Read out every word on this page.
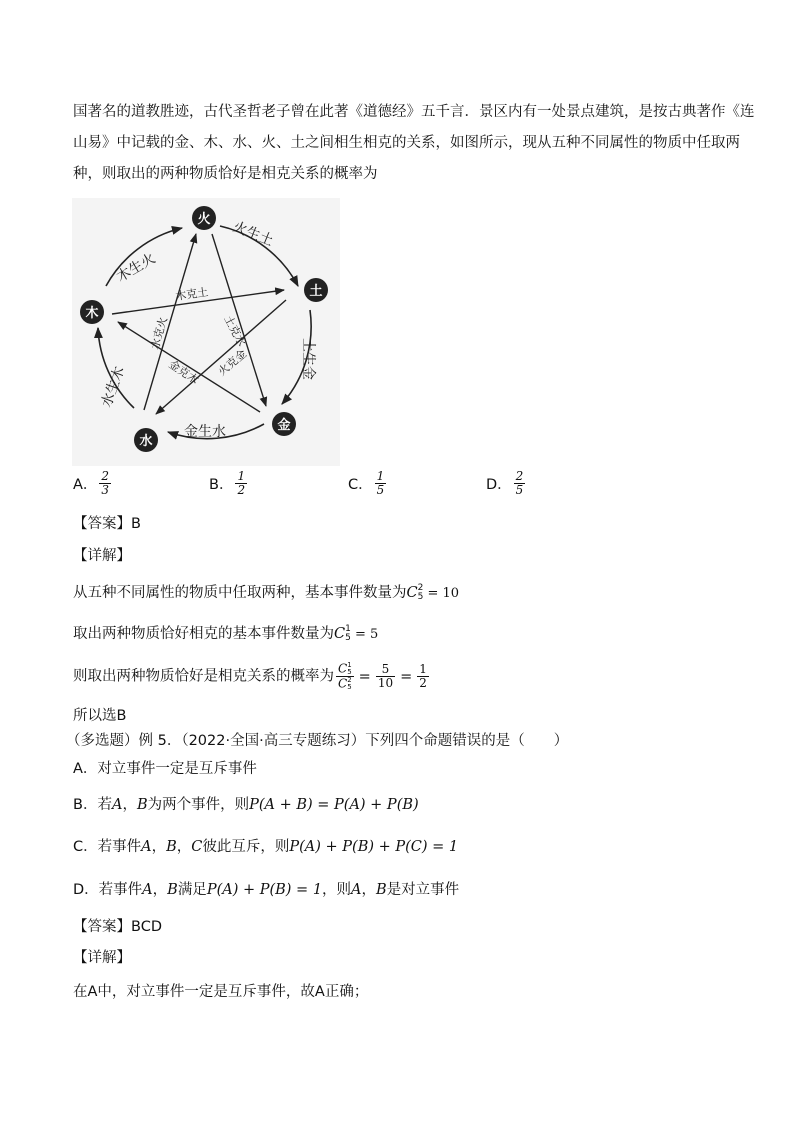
国著名的道教胜迹，古代圣哲老子曾在此著《道德经》五千言．景区内有一处景点建筑，是按古典著作《连
山易》中记载的金、木、水、火、土之间相生相克的关系，如图所示，现从五种不同属性的物质中任取两
种，则取出的两种物质恰好是相克关系的概率为
火生土
土生金
金生水
水生木
木生火
木克土
土克水
水克火
火克金
金克木
火
土
金
水
木
A． $\frac{2}{3}$	B． $\frac{1}{2}$	C． $\frac{1}{5}$	D． $\frac{2}{5}$
【答案】B
【详解】
从五种不同属性的物质中任取两种，基本事件数量为C 2
5 = 10
取出两种物质恰好相克的基本事件数量为C 1
5 = 5
则取出两种物质恰好是相克关系的概率为 C 1
5
C 2
$5 = \frac{5}{10} = \frac{1}{2}$
所以选B
（多选题）例 5．（2022·全国·高三专题练习）下列四个命题错误的是（　　）
A．对立事件一定是互斥事件
B．若A，B为两个事件，则P(A + B) = P(A) + P(B)
C．若事件A，B，C彼此互斥，则P(A) + P(B) + P(C) = 1
D．若事件A，B满足P(A) + P(B) = 1，则A，B是对立事件
【答案】BCD
【详解】
在A中，对立事件一定是互斥事件，故A正确；
